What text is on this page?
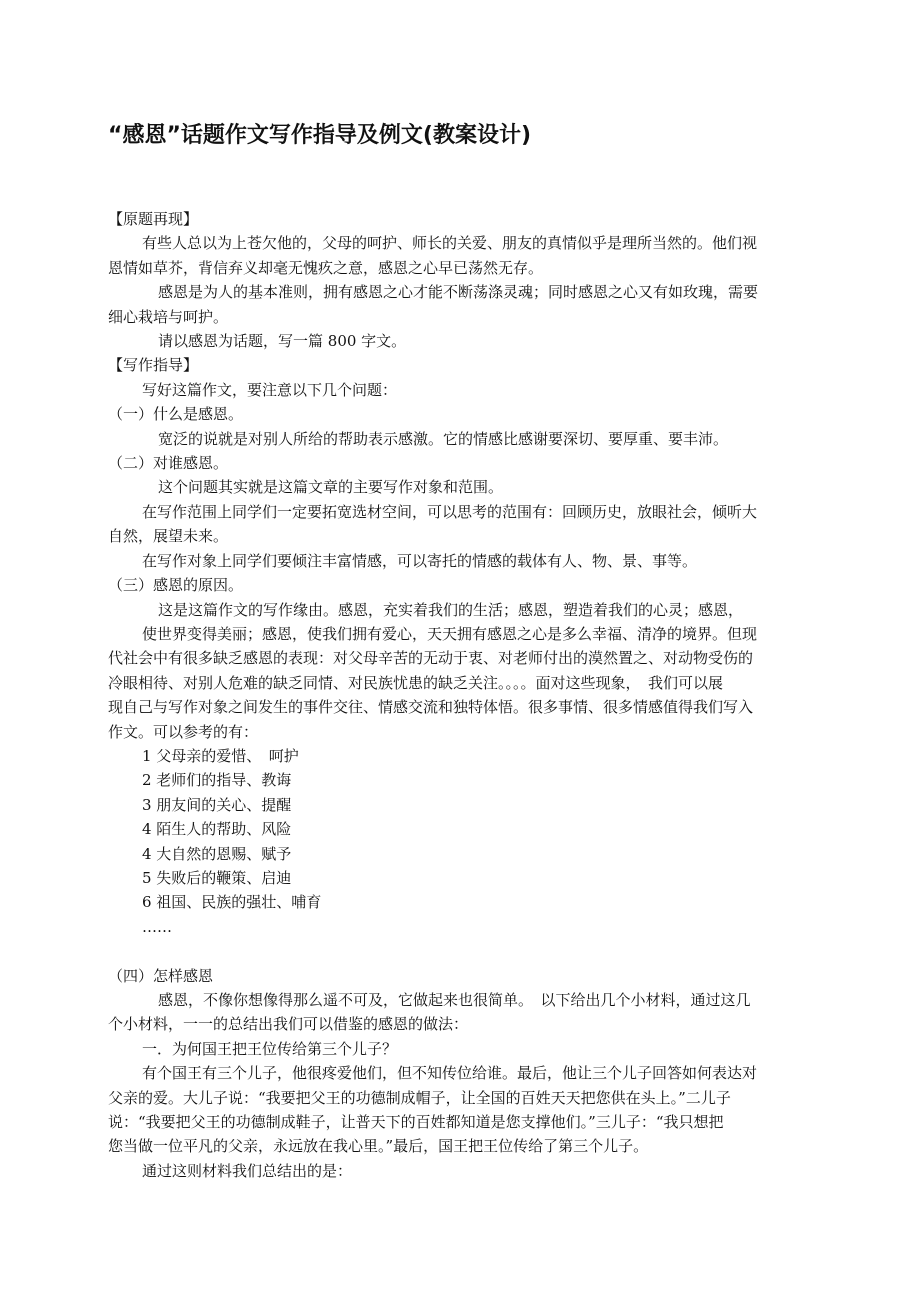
“感恩”话题作文写作指导及例文(教案设计)

【原题再现】

有些人总以为上苍欠他的，父母的呵护、师长的关爱、朋友的真情似乎是理所当然的。他们视

恩情如草芥，背信弃义却毫无愧疚之意，感恩之心早已荡然无存。

感恩是为人的基本准则，拥有感恩之心才能不断荡涤灵魂；同时感恩之心又有如玫瑰，需要

细心栽培与呵护。

请以感恩为话题，写一篇 800 字文。

【写作指导】

写好这篇作文，要注意以下几个问题：

（一）什么是感恩。

宽泛的说就是对别人所给的帮助表示感激。它的情感比感谢要深切、要厚重、要丰沛。

（二）对谁感恩。

这个问题其实就是这篇文章的主要写作对象和范围。

在写作范围上同学们一定要拓宽选材空间，可以思考的范围有：回顾历史，放眼社会，倾听大

自然，展望未来。

在写作对象上同学们要倾注丰富情感，可以寄托的情感的载体有人、物、景、事等。

（三）感恩的原因。

这是这篇作文的写作缘由。感恩，充实着我们的生活；感恩，塑造着我们的心灵；感恩，

使世界变得美丽；感恩，使我们拥有爱心，天天拥有感恩之心是多么幸福、清净的境界。但现

代社会中有很多缺乏感恩的表现：对父母辛苦的无动于衷、对老师付出的漠然置之、对动物受伤的

冷眼相待、对别人危难的缺乏同情、对民族忧患的缺乏关注。。。。面对这些现象，　我们可以展

现自己与写作对象之间发生的事件交往、情感交流和独特体悟。很多事情、很多情感值得我们写入

作文。可以参考的有：

1 父母亲的爱惜、　呵护

2 老师们的指导、教诲

3 朋友间的关心、提醒

4 陌生人的帮助、风险

4 大自然的恩赐、赋予

5 失败后的鞭策、启迪

6 祖国、民族的强壮、哺育

……

（四）怎样感恩

感恩，不像你想像得那么遥不可及，它做起来也很简单。　以下给出几个小材料，通过这几

个小材料，一一的总结出我们可以借鉴的感恩的做法：

一．为何国王把王位传给第三个儿子？

有个国王有三个儿子，他很疼爱他们，但不知传位给谁。最后，他让三个儿子回答如何表达对

父亲的爱。大儿子说：“我要把父王的功德制成帽子，让全国的百姓天天把您供在头上。”二儿子

说：“我要把父王的功德制成鞋子，让普天下的百姓都知道是您支撑他们。”三儿子：“我只想把

您当做一位平凡的父亲，永远放在我心里。”最后，国王把王位传给了第三个儿子。

通过这则材料我们总结出的是：
